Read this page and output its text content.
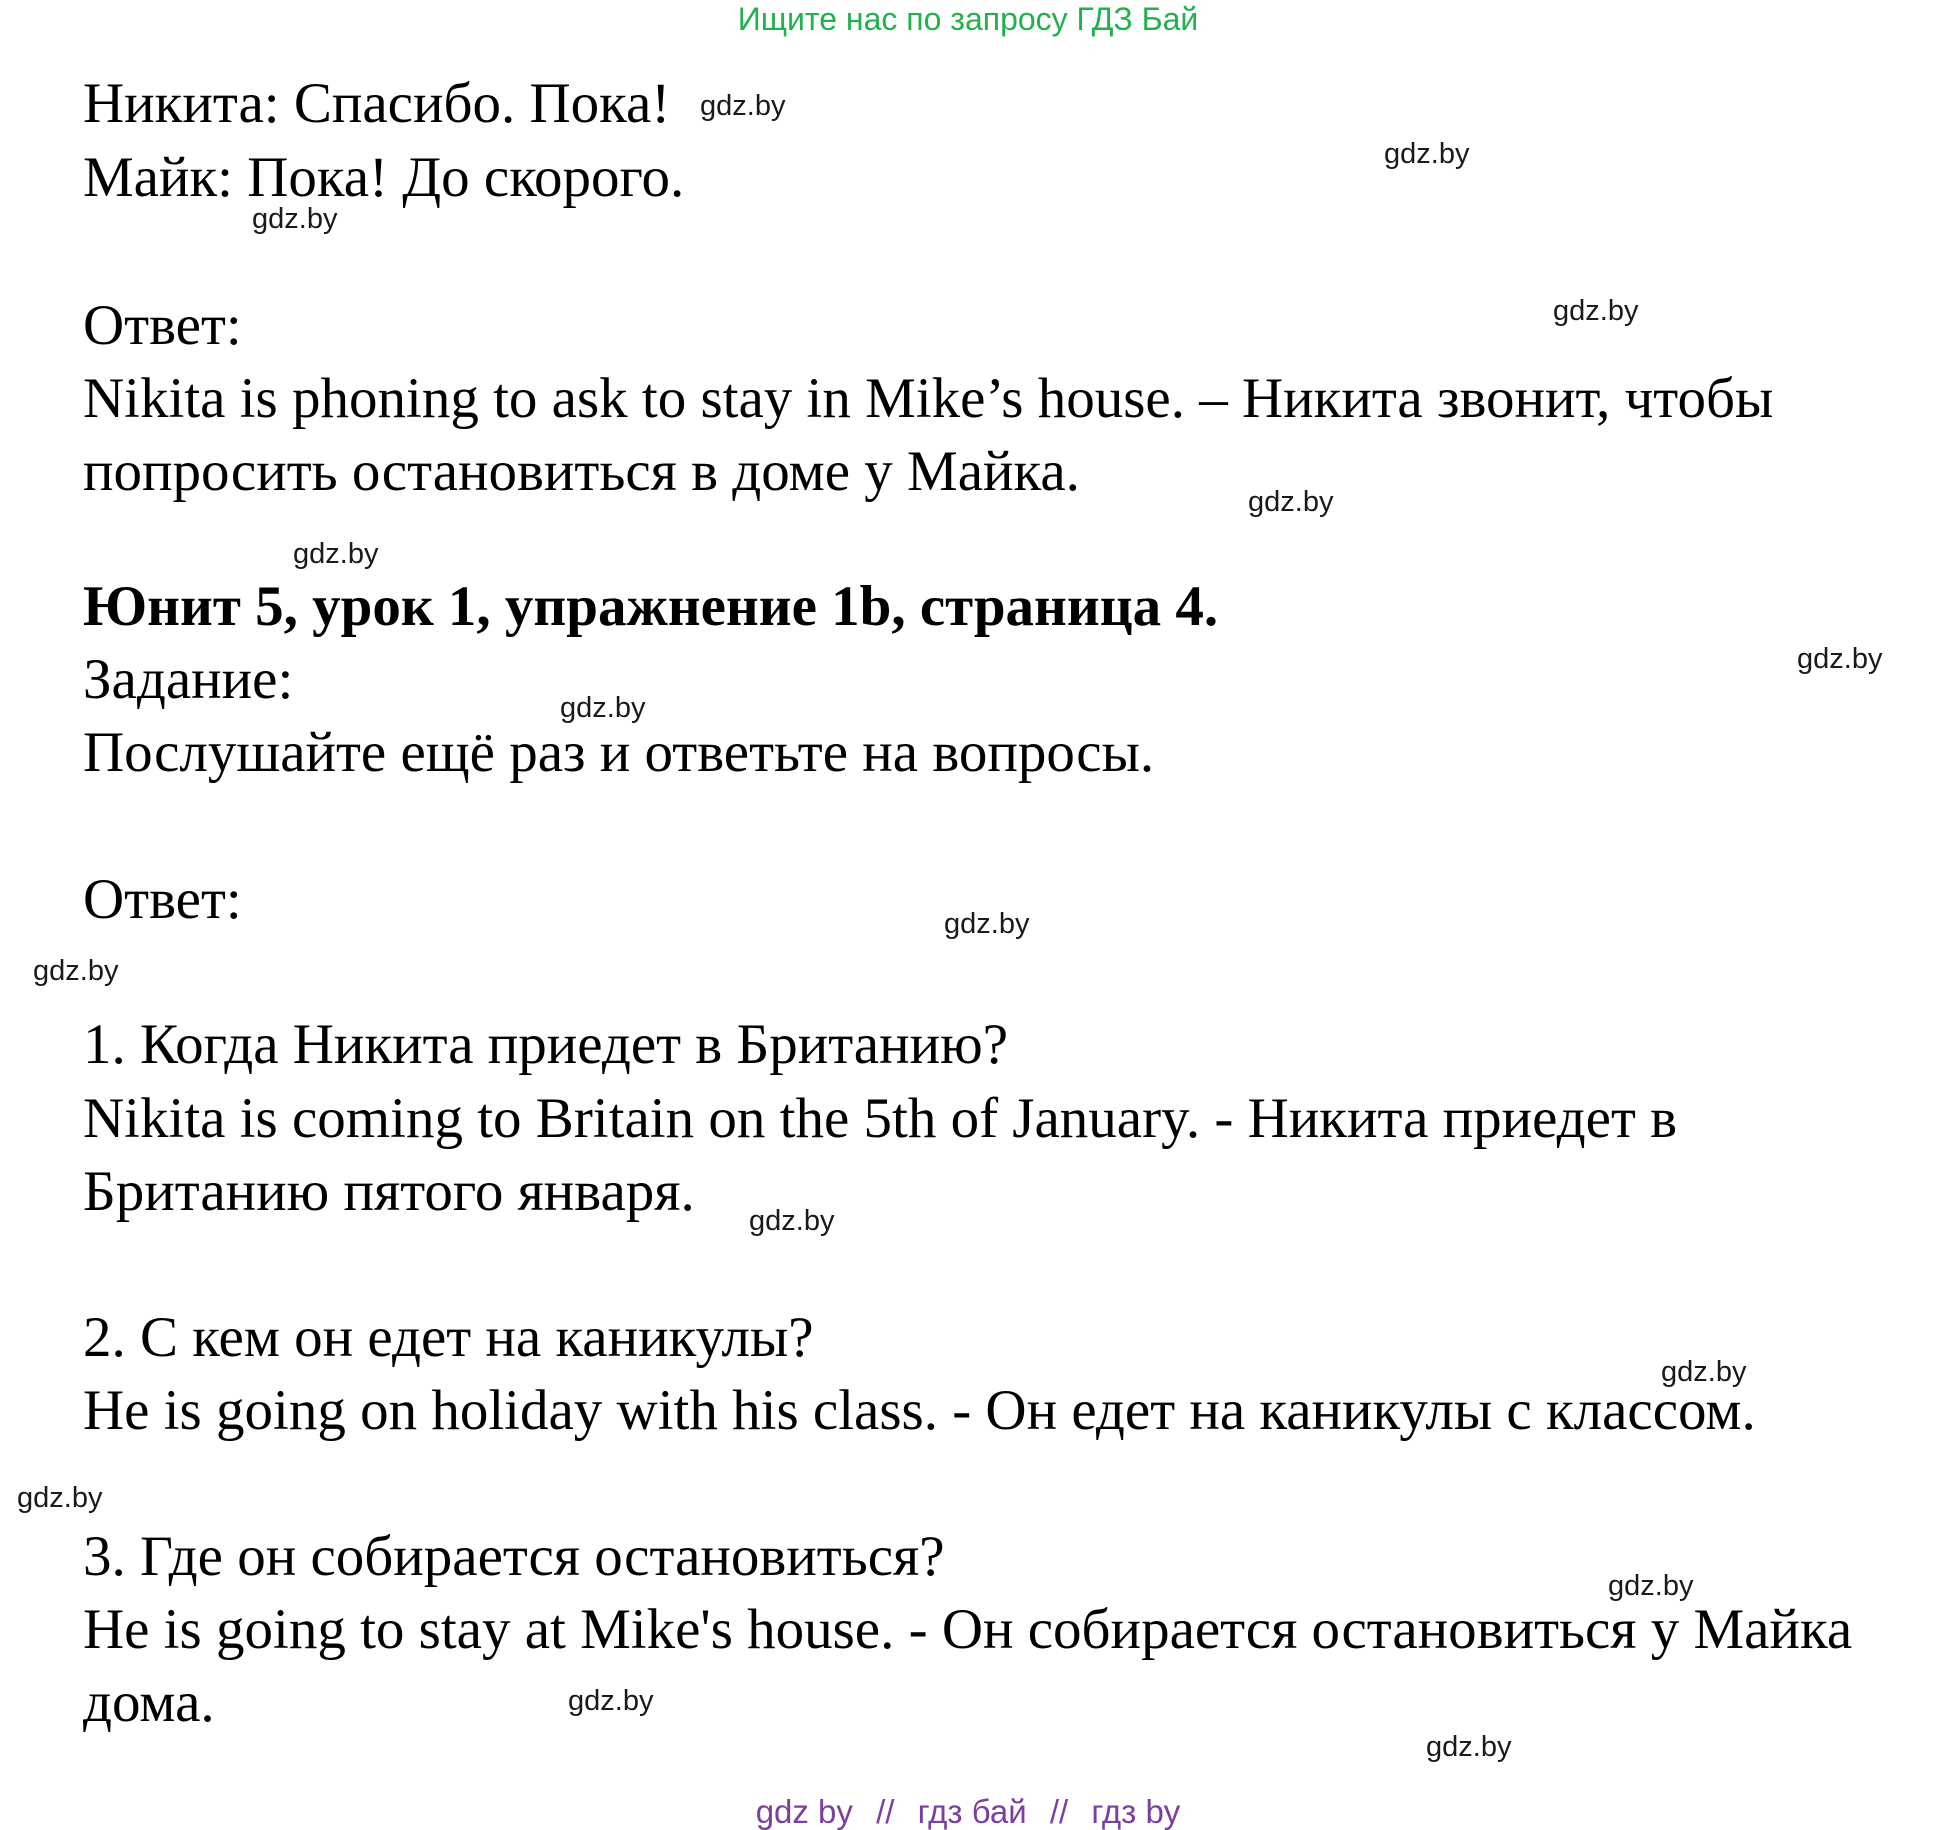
Ищите нас по запросу ГДЗ Бай
Никита: Спасибо. Пока!
Майк: Пока! До скорого.
Ответ:
Nikita is phoning to ask to stay in Mike’s house. – Никита звонит, чтобы
попросить остановиться в доме у Майка.
Юнит 5, урок 1, упражнение 1b, страница 4.
Задание:
Послушайте ещё раз и ответьте на вопросы.
Ответ:
1. Когда Никита приедет в Британию?
Nikita is coming to Britain on the 5th of January. - Никита приедет в
Британию пятого января.
2. С кем он едет на каникулы?
He is going on holiday with his class. - Он едет на каникулы с классом.
3. Где он собирается остановиться?
He is going to stay at Mike's house. - Он собирается остановиться у Майка
дома.
gdz.by
gdz.by
gdz.by
gdz.by
gdz.by
gdz.by
gdz.by
gdz.by
gdz.by
gdz.by
gdz.by
gdz.by
gdz.by
gdz.by
gdz.by
gdz.by
gdz by // гдз бай // гдз by
